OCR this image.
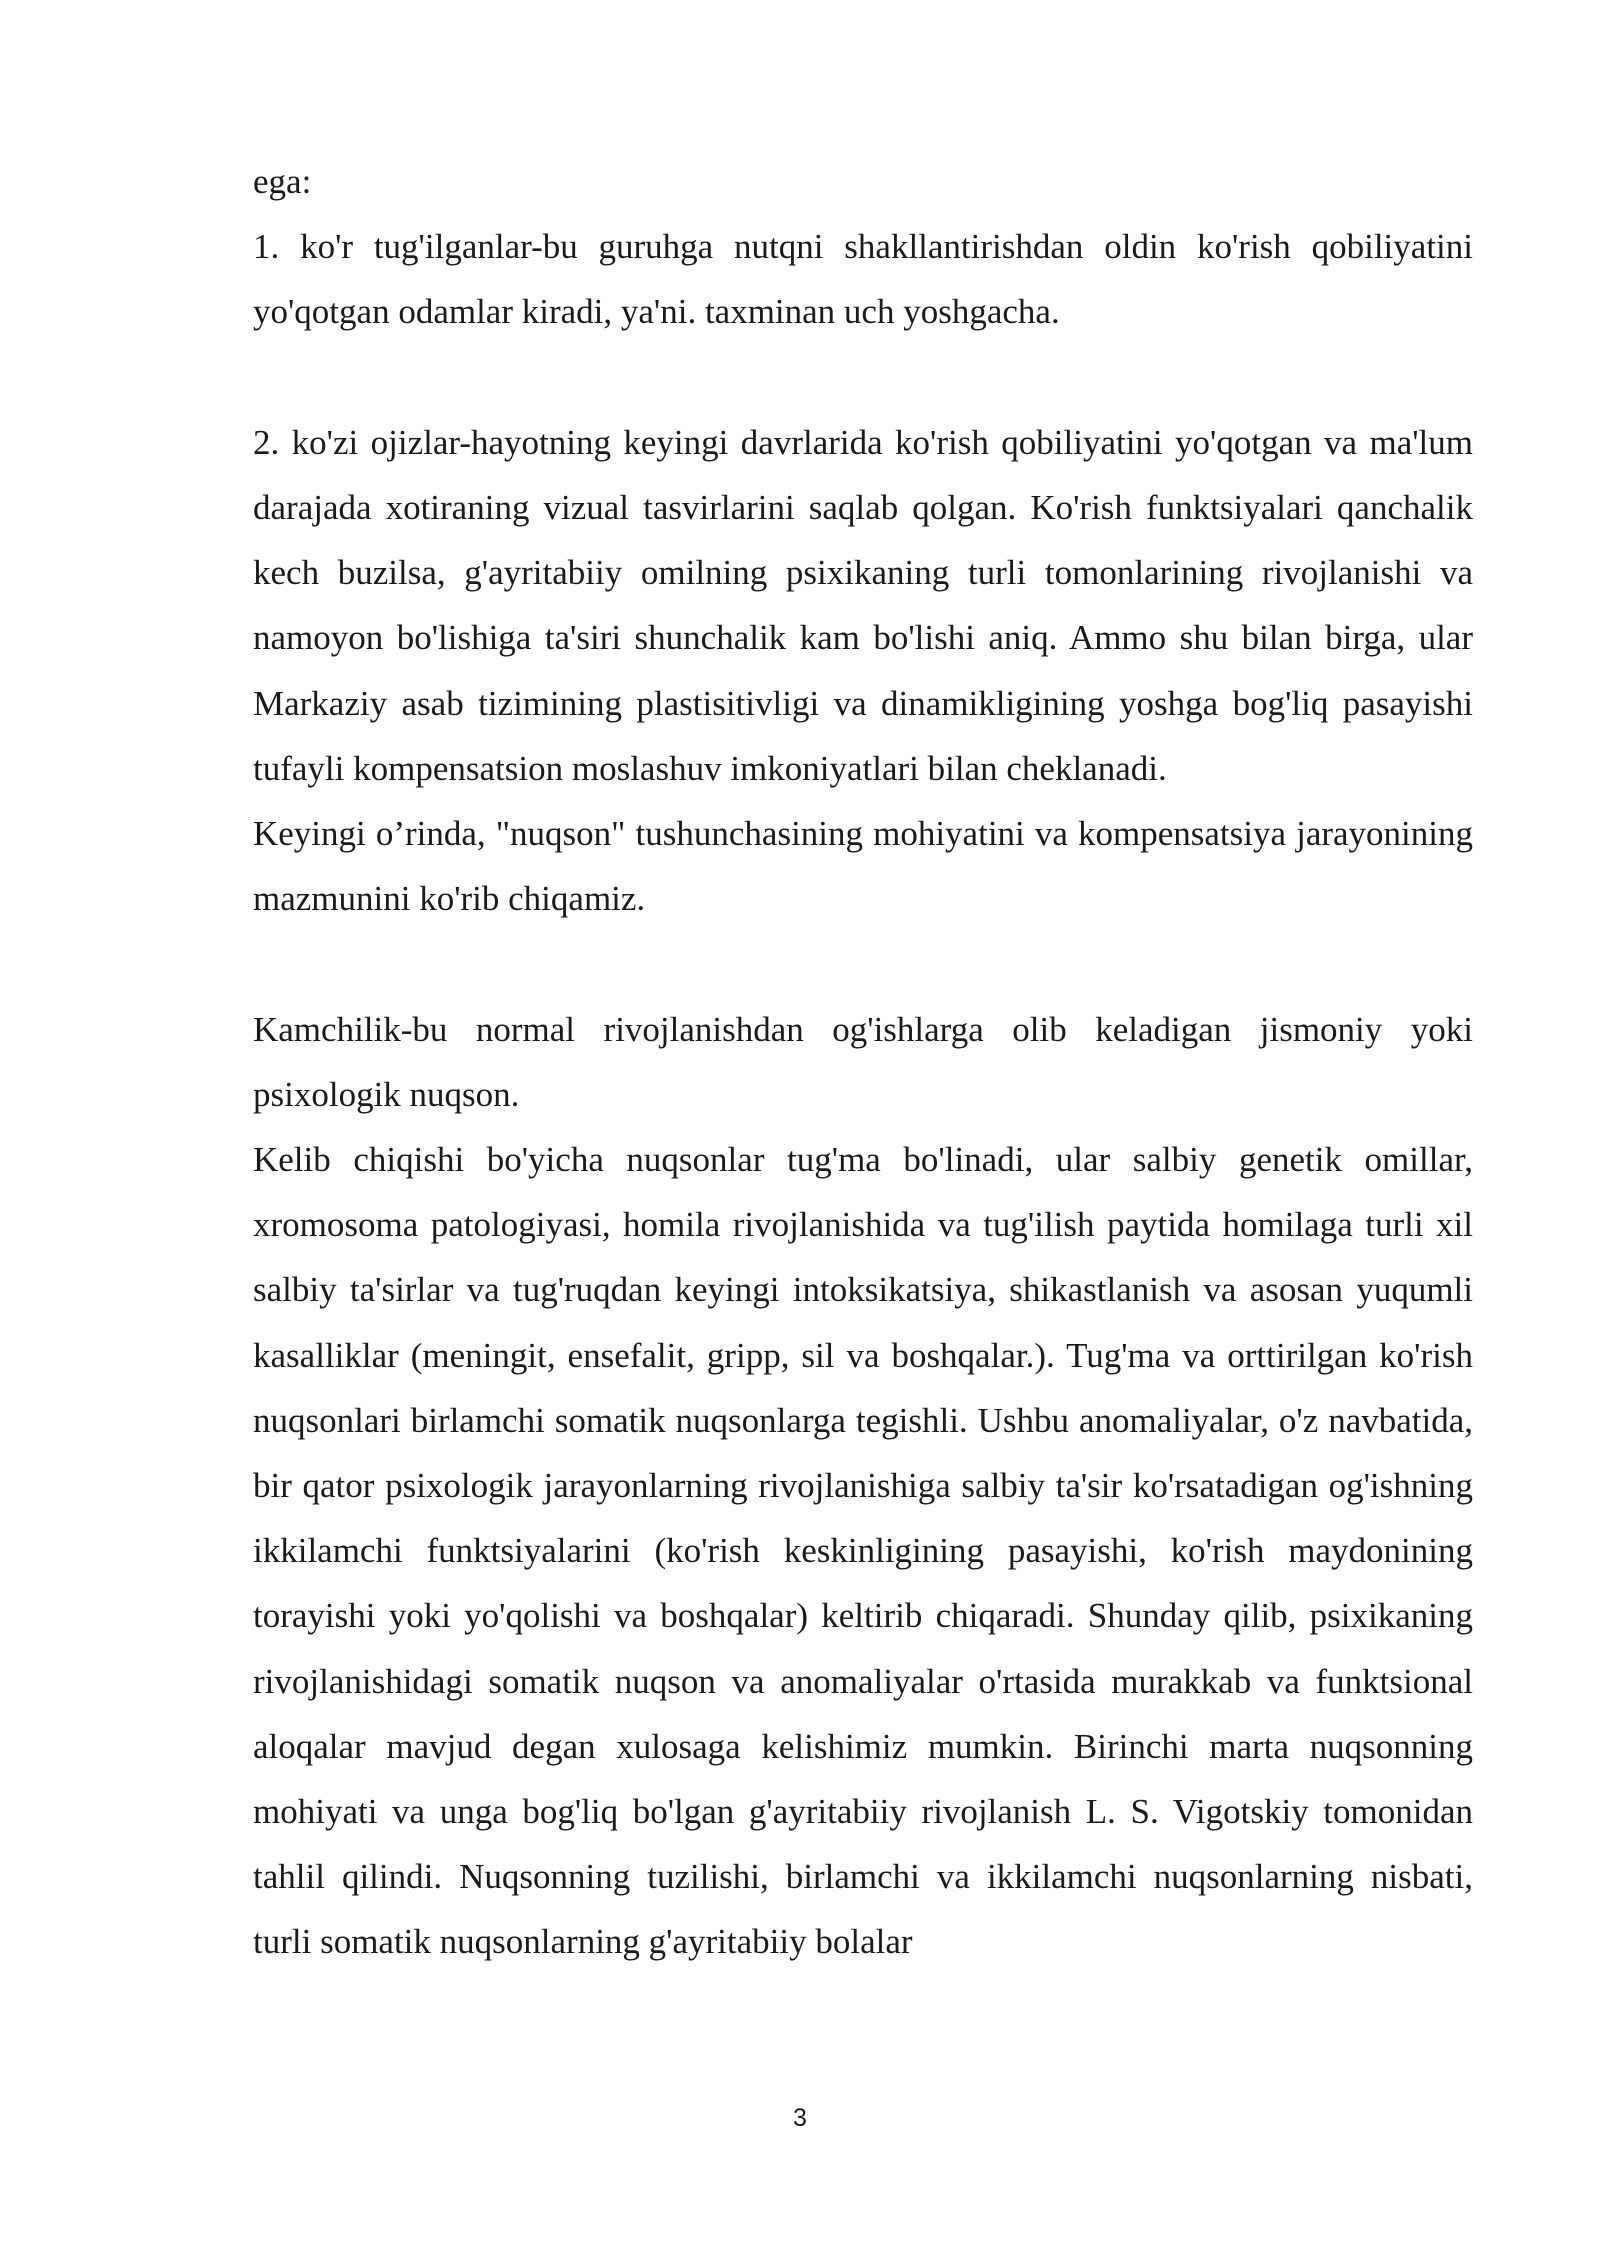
ega:

1. ko'r tug'ilganlar-bu guruhga nutqni shakllantirishdan oldin ko'rish qobiliyatini yo'qotgan odamlar kiradi, ya'ni. taxminan uch yoshgacha.

2. ko'zi ojizlar-hayotning keyingi davrlarida ko'rish qobiliyatini yo'qotgan va ma'lum darajada xotiraning vizual tasvirlarini saqlab qolgan. Ko'rish funktsiyalari qanchalik kech buzilsa, g'ayritabiiy omilning psixikaning turli tomonlarining rivojlanishi va namoyon bo'lishiga ta'siri shunchalik kam bo'lishi aniq. Ammo shu bilan birga, ular Markaziy asab tizimining plastisitivligi va dinamikligining yoshga bog'liq pasayishi tufayli kompensatsion moslashuv imkoniyatlari bilan cheklanadi.

Keyingi o’rinda, "nuqson" tushunchasining mohiyatini va kompensatsiya jarayonining mazmunini ko'rib chiqamiz.

Kamchilik-bu normal rivojlanishdan og'ishlarga olib keladigan jismoniy yoki psixologik nuqson.

Kelib chiqishi bo'yicha nuqsonlar tug'ma bo'linadi, ular salbiy genetik omillar, xromosoma patologiyasi, homila rivojlanishida va tug'ilish paytida homilaga turli xil salbiy ta'sirlar va tug'ruqdan keyingi intoksikatsiya, shikastlanish va asosan yuqumli kasalliklar (meningit, ensefalit, gripp, sil va boshqalar.). Tug'ma va orttirilgan ko'rish nuqsonlari birlamchi somatik nuqsonlarga tegishli. Ushbu anomaliyalar, o'z navbatida, bir qator psixologik jarayonlarning rivojlanishiga salbiy ta'sir ko'rsatadigan og'ishning ikkilamchi funktsiyalarini (ko'rish keskinligining pasayishi, ko'rish maydonining torayishi yoki yo'qolishi va boshqalar) keltirib chiqaradi. Shunday qilib, psixikaning rivojlanishidagi somatik nuqson va anomaliyalar o'rtasida murakkab va funktsional aloqalar mavjud degan xulosaga kelishimiz mumkin. Birinchi marta nuqsonning mohiyati va unga bog'liq bo'lgan g'ayritabiiy rivojlanish L. S. Vigotskiy tomonidan tahlil qilindi. Nuqsonning tuzilishi, birlamchi va ikkilamchi nuqsonlarning nisbati, turli somatik nuqsonlarning g'ayritabiiy bolalar

3
